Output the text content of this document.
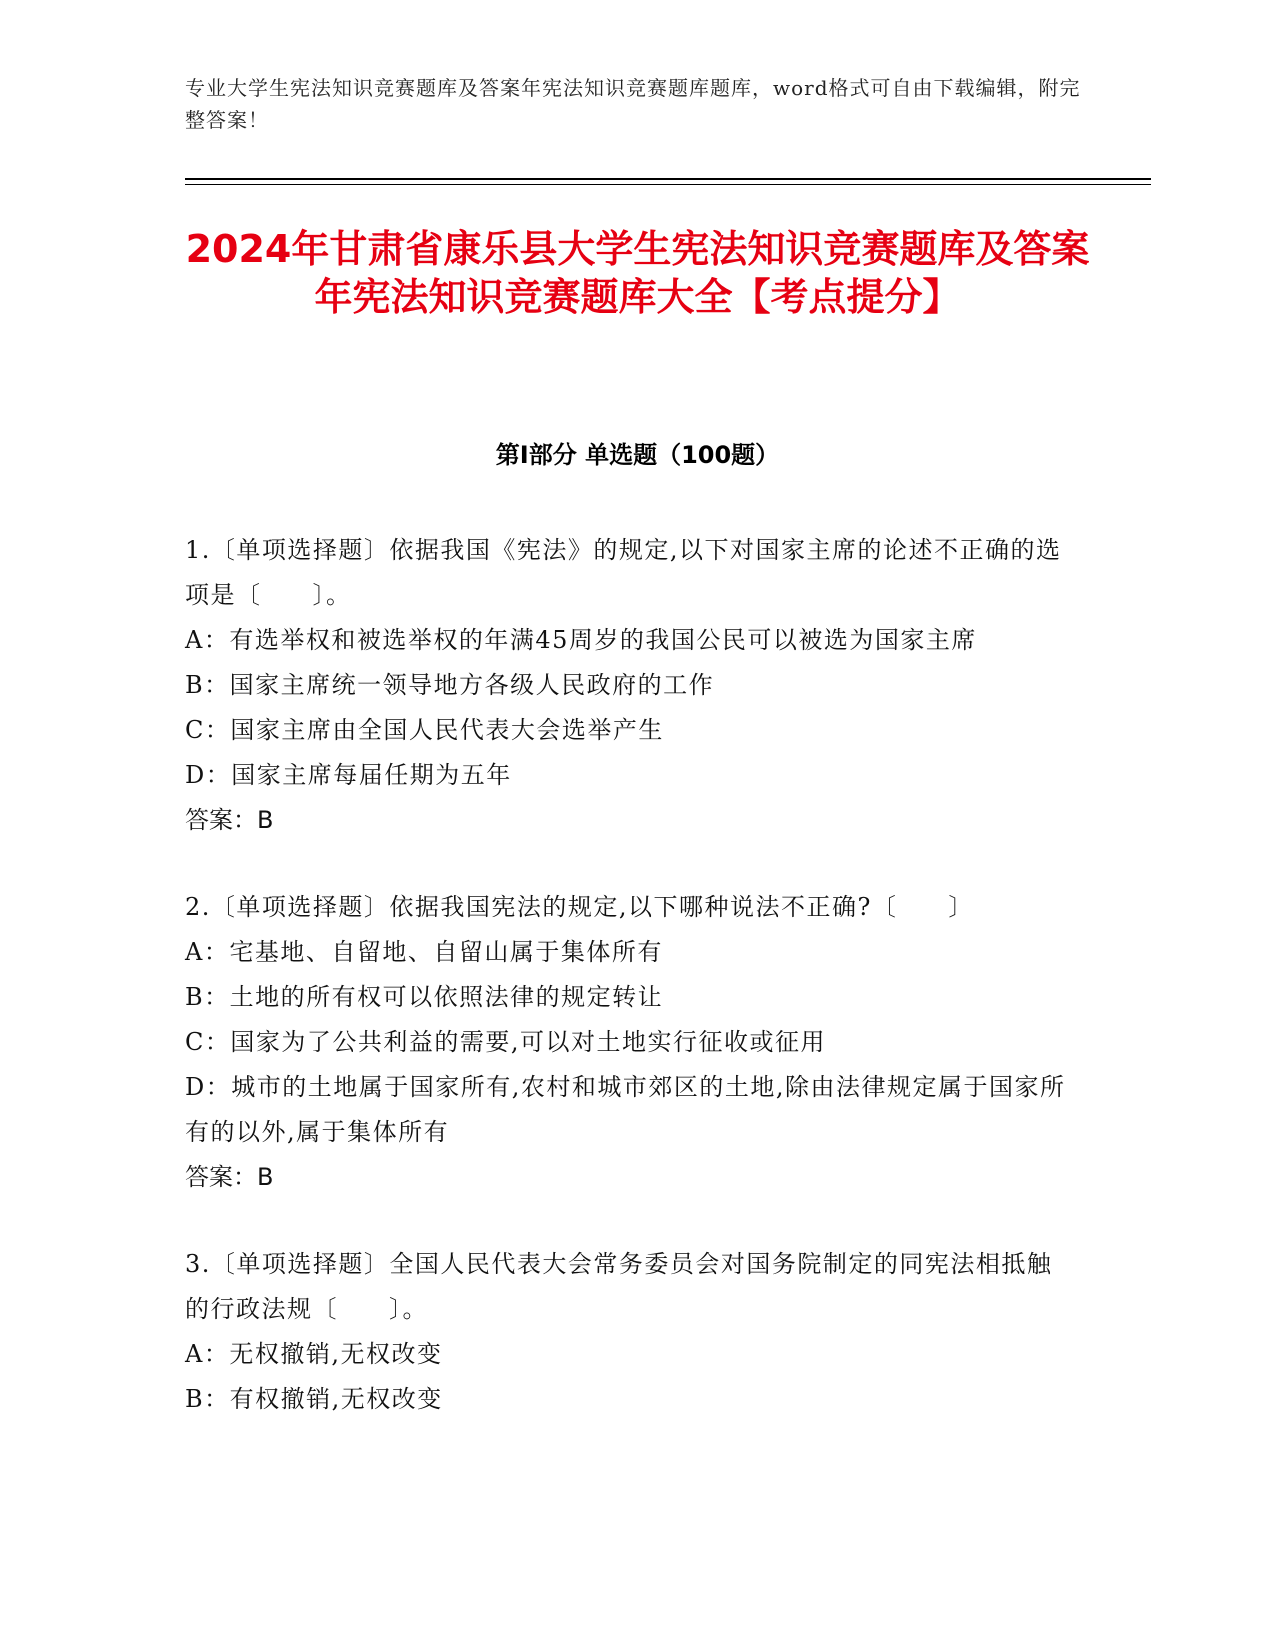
专业大学生宪法知识竞赛题库及答案年宪法知识竞赛题库题库，word格式可自由下载编辑，附完整答案！
2024年甘肃省康乐县大学生宪法知识竞赛题库及答案年宪法知识竞赛题库大全【考点提分】
第I部分 单选题（100题）

1.〔单项选择题〕依据我国《宪法》的规定,以下对国家主席的论述不正确的选项是〔　　〕。

A：有选举权和被选举权的年满45周岁的我国公民可以被选为国家主席

B：国家主席统一领导地方各级人民政府的工作

C：国家主席由全国人民代表大会选举产生

D：国家主席每届任期为五年

答案：B

2.〔单项选择题〕依据我国宪法的规定,以下哪种说法不正确?〔　　〕

A：宅基地、自留地、自留山属于集体所有

B：土地的所有权可以依照法律的规定转让

C：国家为了公共利益的需要,可以对土地实行征收或征用

D：城市的土地属于国家所有,农村和城市郊区的土地,除由法律规定属于国家所有的以外,属于集体所有

答案：B

3.〔单项选择题〕全国人民代表大会常务委员会对国务院制定的同宪法相抵触的行政法规〔　　〕。

A：无权撤销,无权改变

B：有权撤销,无权改变
